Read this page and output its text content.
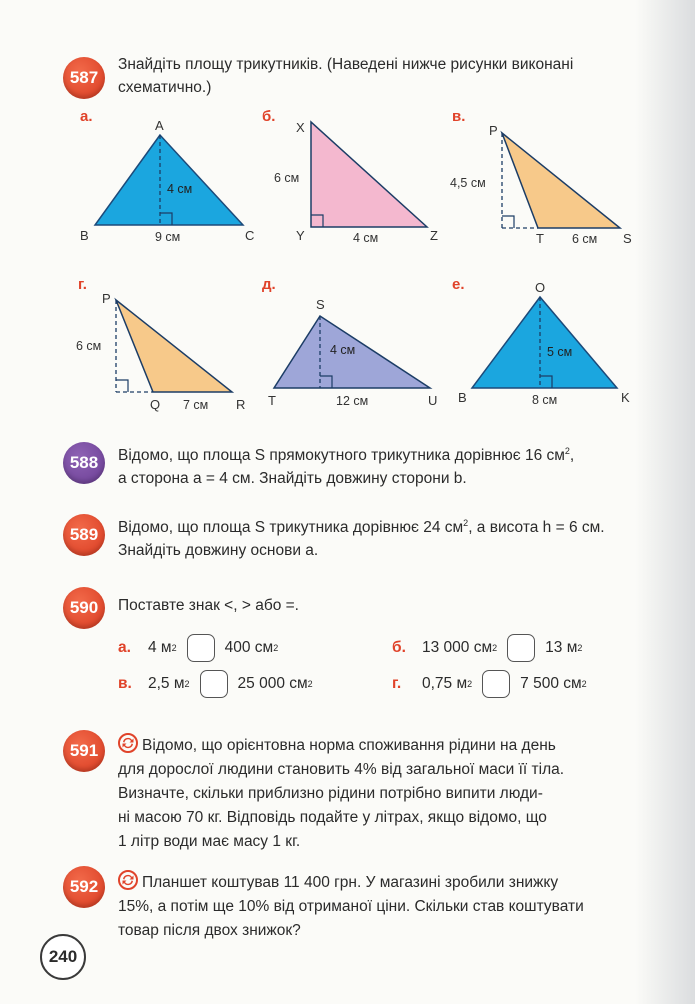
587
Знайдіть площу трикутників. (Наведені нижче рисунки виконані схематично.)
а.	б.	в.
A
B	C
4 см
9 см
X
Y	Z
6 см
4 см
P
T	S
4,5 см
6 см
P
Q	R
6 см
7 см
S
T	U
4 см
12 см
O
B	K
5 см
8 см
г.	д.	е.
588	Відомо, що площа S прямокутного трикутника дорівнює 16 $см^2$,
а сторона a = 4 см. Знайдіть довжину сторони b.
589	Відомо, що площа S трикутника дорівнює 24 $см^2$, а висота h = 6 см.
Знайдіть довжину основи a.
590	Поставте знак <, > або =.
а.	4 м 2	400 см 2	б.	13 000 см 2	13 м 2
в.	2,5 м 2	25 000 см 2	г.	0,75 м 2	7 500 см 2
591	Відомо, що орієнтовна норма споживання рідини на день
для дорослої людини становить 4% від загальної маси її тіла.
Визначте, скільки приблизно рідини потрібно випити люди-
ні масою 70 кг. Відповідь подайте у літрах, якщо відомо, що
1 літр води має масу 1 кг.
592	Планшет коштував 11 400 грн. У магазині зробили знижку
15%, а потім ще 10% від отриманої ціни. Скільки став коштувати
товар після двох знижок?
240
